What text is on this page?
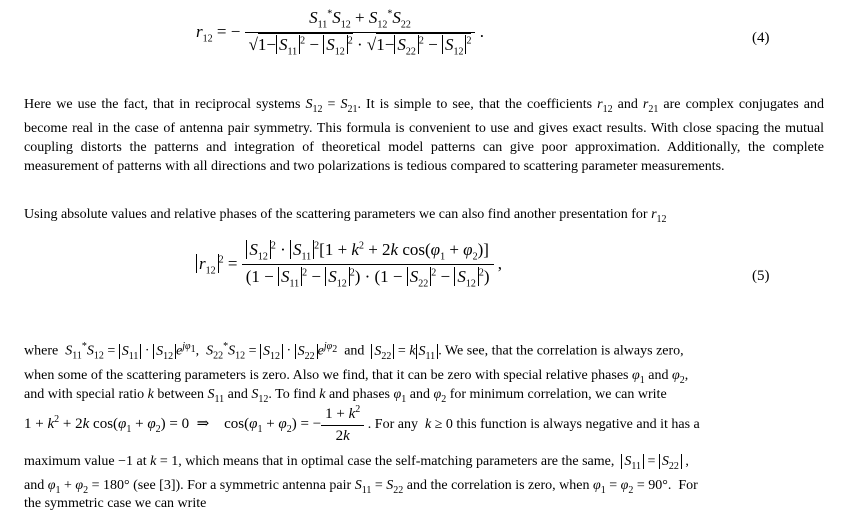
$r_{12}$ = − $\frac{S_{11}^*S_{12} + S_{12}^*S_{22}}{√1- S_{11}^2 - S_{12}^2 \cdot √1- S_{22}^2 - S_{12}^2}$ .	(4)
Here we use the fact, that in reciprocal systems $S_{12} = S_{21}$. It is simple to see, that the coefficients $r_{12}$ and $r_{21}$ are complex conjugates and become real in the case of antenna pair symmetry. This formula is convenient to use and gives exact results. With close spacing the mutual coupling distorts the patterns and integration of theoretical model patterns can give poor approximation. Additionally, the complete measurement of patterns with all directions and two polarizations is tedious compared to scattering parameter measurements.
Using absolute values and relative phases of the scattering parameters we can also find another presentation for $r_{12}$
$r_{12}^2 = \frac{S_{12}^2 \cdot S_{11}^2[1 + k^2 + 2k \cos(\varphi_1 + \varphi_2)]}{(1 - S_{11}^2 - S_{12}^2) \cdot (1 - S_{22}^2 - S_{12}^2)}$ ,
(5)
where  $S_{11}^*S_{12} = S_{11} \cdot S_{12}$ $e^{j\varphi_1}$,  $S_{22}^*S_{12} = S_{12} \cdot S_{22}$ $e^{j\varphi_2}$  and  $S_{22} = k$ $S_{11}$ . We see, that the correlation is always zero,
when some of the scattering parameters is zero. Also we find, that it can be zero with special relative phases $\varphi_1$ and $\varphi_2$,
and with special ratio k between $S_{11}$ and $S_{12}$. To find k and phases $\varphi_1$ and $\varphi_2$ for minimum correlation, we can write
$1 + k^2 + 2k$ $\cos(\varphi_1 + \varphi_2) = 0$  ⇒    $\cos(\varphi_1 + \varphi_2)$ = − $\frac{1 + k^2}{2k}$ . For any  k ≥ 0 this function is always negative and it has a
maximum value −1 at k = 1, which means that in optimal case the self-matching parameters are the same,  $S_{11} = S_{22}$ ,
and $\varphi_1 + \varphi_2 = 180^\circ$ (see [3]). For a symmetric antenna pair $S_{11} = S_{22}$ and the correlation is zero, when $\varphi_1 = \varphi_2 = 90^\circ$.  For
the symmetric case we can write
